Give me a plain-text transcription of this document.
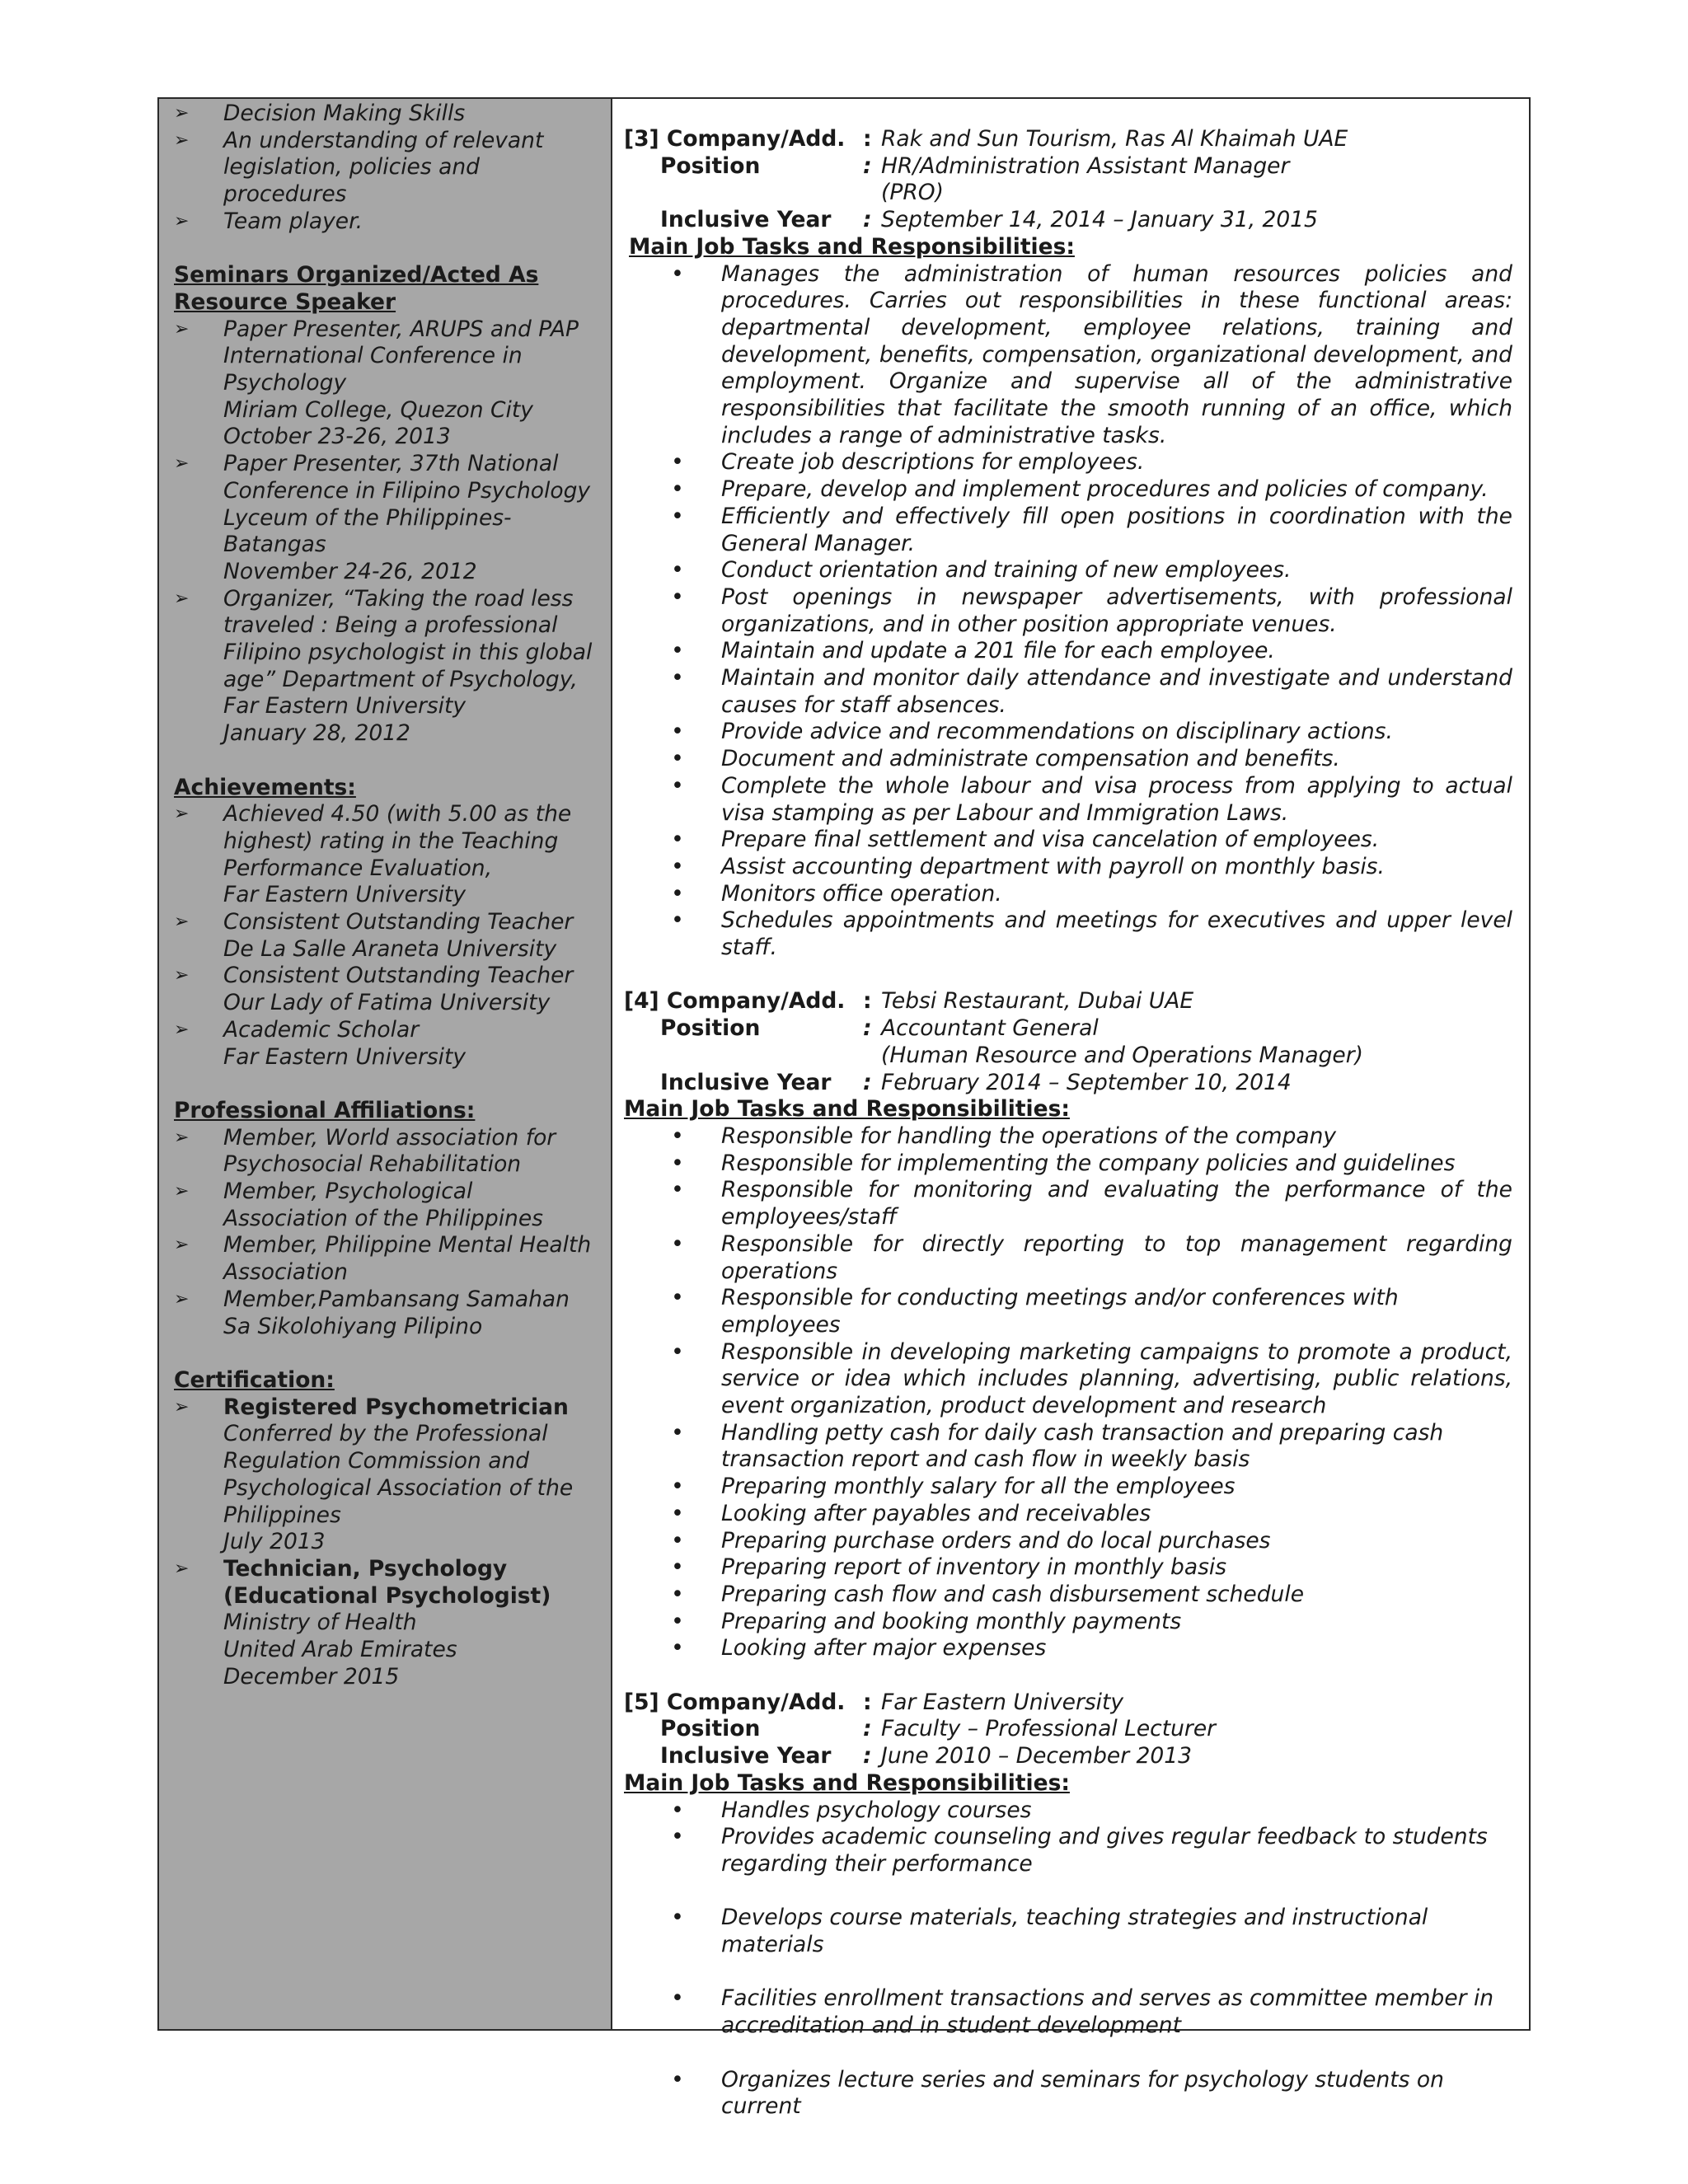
➢	Decision Making Skills
➢	An understanding of relevant legislation, policies and procedures
➢	Team player.
Seminars Organized/Acted As Resource Speaker
➢	Paper Presenter, ARUPS and PAP International Conference in Psychology
Miriam College, Quezon City
October 23-26, 2013
➢	Paper Presenter, 37th National Conference in Filipino Psychology
Lyceum of the Philippines-Batangas
November 24-26, 2012
➢	Organizer, “Taking the road less traveled : Being a professional Filipino psychologist in this global age” Department of Psychology, Far Eastern University
January 28, 2012
Achievements:
➢	Achieved 4.50 (with 5.00 as the highest) rating in the Teaching Performance Evaluation,
Far Eastern University
➢	Consistent Outstanding Teacher
De La Salle Araneta University
➢	Consistent Outstanding Teacher
Our Lady of Fatima University
➢	Academic Scholar
Far Eastern University
Professional Affiliations:
➢	Member, World association for Psychosocial Rehabilitation
➢	Member, Psychological Association of the Philippines
➢	Member, Philippine Mental Health Association
➢	Member,Pambansang Samahan Sa Sikolohiyang Pilipino
Certification:
➢	Registered Psychometrician
Conferred by the Professional Regulation Commission and Psychological Association of the Philippines
July 2013
➢	Technician, Psychology (Educational Psychologist)
Ministry of Health
United Arab Emirates
December 2015
[3] Company/Add. : Rak and Sun Tourism, Ras Al Khaimah UAE
Position	: HR/Administration Assistant Manager
(PRO)
Inclusive Year	: September 14, 2014 – January 31, 2015
Main Job Tasks and Responsibilities:
•	Manages the administration of human resources policies and procedures. Carries out responsibilities in these functional areas: departmental development, employee relations, training and development, benefits, compensation, organizational development, and employment. Organize and supervise all of the administrative responsibilities that facilitate the smooth running of an office, which includes a range of administrative tasks.
•	Create job descriptions for employees.
•	Prepare, develop and implement procedures and policies of company.
•	Efficiently and effectively fill open positions in coordination with the General Manager.
•	Conduct orientation and training of new employees.
•	Post openings in newspaper advertisements, with professional organizations, and in other position appropriate venues.
•	Maintain and update a 201 file for each employee.
•	Maintain and monitor daily attendance and investigate and understand causes for staff absences.
•	Provide advice and recommendations on disciplinary actions.
•	Document and administrate compensation and benefits.
•	Complete the whole labour and visa process from applying to actual visa stamping as per Labour and Immigration Laws.
•	Prepare final settlement and visa cancelation of employees.
•	Assist accounting department with payroll on monthly basis.
•	Monitors office operation.
•	Schedules appointments and meetings for executives and upper level staff.
[4] Company/Add. : Tebsi Restaurant, Dubai UAE
Position	: Accountant General
(Human Resource and Operations Manager)
Inclusive Year	: February 2014 – September 10, 2014
Main Job Tasks and Responsibilities:
•	Responsible for handling the operations of the company
•	Responsible for implementing the company policies and guidelines
•	Responsible for monitoring and evaluating the performance of the employees/staff
•	Responsible for directly reporting to top management regarding operations
•	Responsible for conducting meetings and/or conferences with employees
•	Responsible in developing marketing campaigns to promote a product, service or idea which includes planning, advertising, public relations, event organization, product development and research
•	Handling petty cash for daily cash transaction and preparing cash transaction report and cash flow in weekly basis
•	Preparing monthly salary for all the employees
•	Looking after payables and receivables
•	Preparing purchase orders and do local purchases
•	Preparing report of inventory in monthly basis
•	Preparing cash flow and cash disbursement schedule
•	Preparing and booking monthly payments
•	Looking after major expenses
[5] Company/Add. : Far Eastern University
Position	: Faculty – Professional Lecturer
Inclusive Year	: June 2010 – December 2013
Main Job Tasks and Responsibilities:
•	Handles psychology courses
•	Provides academic counseling and gives regular feedback to students regarding their performance
•	Develops course materials, teaching strategies and instructional materials
•	Facilities enrollment transactions and serves as committee member in accreditation and in student development
•	Organizes lecture series and seminars for psychology students on current
